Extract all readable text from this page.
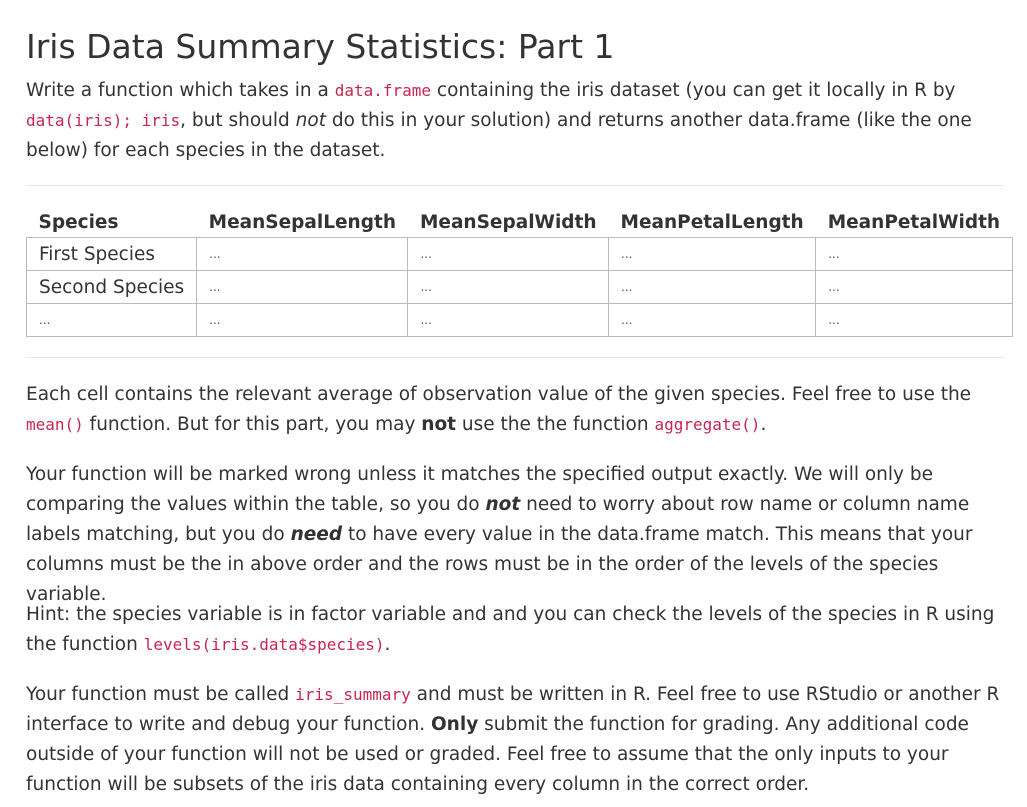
Iris Data Summary Statistics: Part 1

Write a function which takes in a data.frame containing the iris dataset (you can get it locally in R by data(iris); iris, but should not do this in your solution) and returns another data.frame (like the one below) for each species in the dataset.

Species	MeanSepalLength	MeanSepalWidth	MeanPetalLength	MeanPetalWidth
First Species	...	...	...	...
Second Species	...	...	...	...
...	...	...	...	...

Each cell contains the relevant average of observation value of the given species. Feel free to use the mean() function. But for this part, you may not use the the function aggregate().

Your function will be marked wrong unless it matches the specified output exactly. We will only be comparing the values within the table, so you do not need to worry about row name or column name labels matching, but you do need to have every value in the data.frame match. This means that your columns must be the in above order and the rows must be in the order of the levels of the species variable.

Hint: the species variable is in factor variable and and you can check the levels of the species in R using the function levels(iris.data$species).

Your function must be called iris_summary and must be written in R. Feel free to use RStudio or another R interface to write and debug your function. Only submit the function for grading. Any additional code outside of your function will not be used or graded. Feel free to assume that the only inputs to your function will be subsets of the iris data containing every column in the correct order.
